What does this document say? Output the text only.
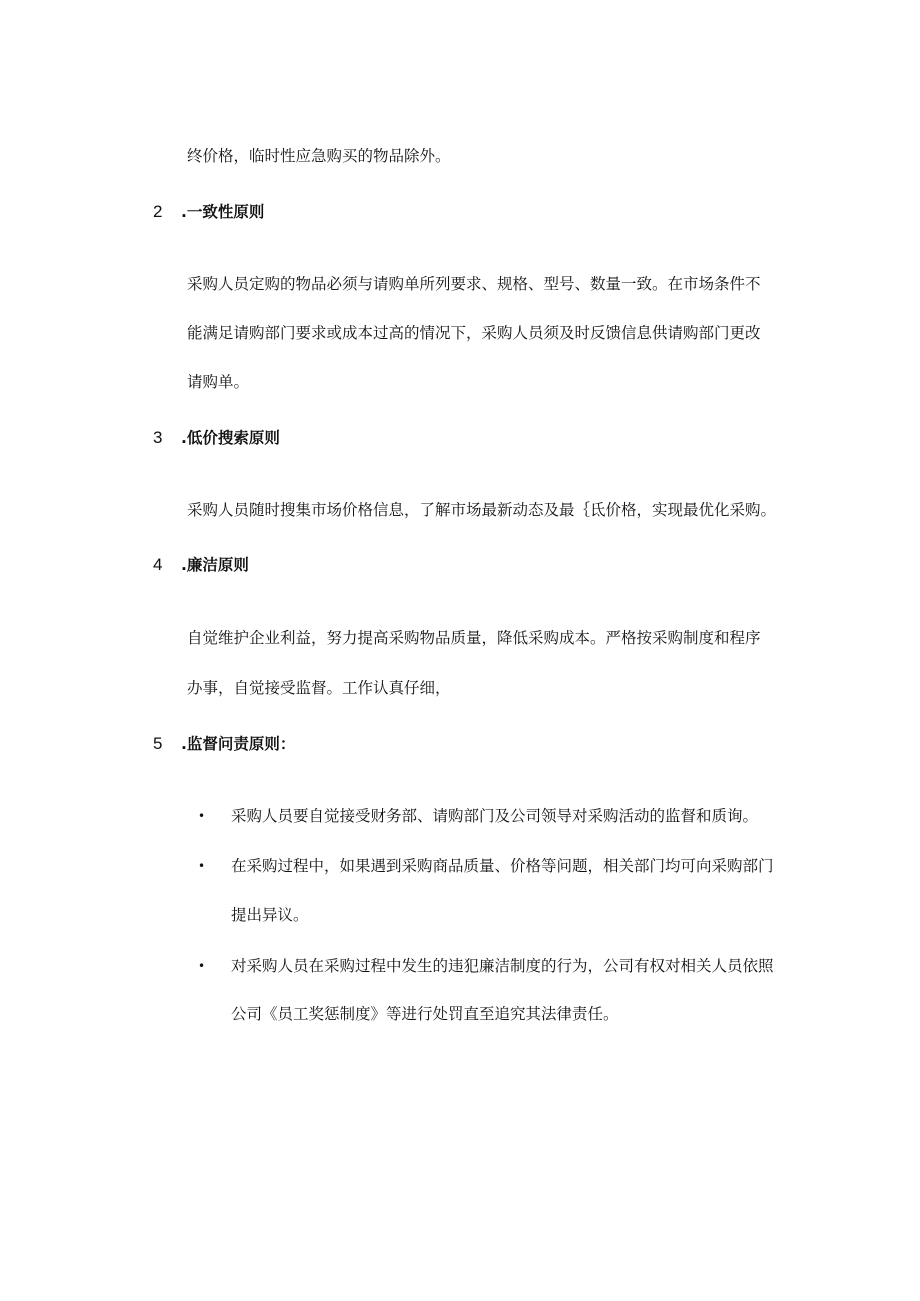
终价格，临时性应急购买的物品除外。
2 .一致性原则
采购人员定购的物品必须与请购单所列要求、规格、型号、数量一致。在市场条件不
能满足请购部门要求或成本过高的情况下，采购人员须及时反馈信息供请购部门更改
请购单。
3 .低价搜索原则
采购人员随时搜集市场价格信息，了解市场最新动态及最｛氐价格，实现最优化采购。
4 .廉洁原则
自觉维护企业利益，努力提高采购物品质量，降低采购成本。严格按采购制度和程序
办事，自觉接受监督。工作认真仔细，
5 .监督问责原则：
• 采购人员要自觉接受财务部、请购部门及公司领导对采购活动的监督和质询。
• 在采购过程中，如果遇到采购商品质量、价格等问题，相关部门均可向采购部门
提出异议。
• 对采购人员在采购过程中发生的违犯廉洁制度的行为，公司有权对相关人员依照
公司《员工奖惩制度》等进行处罚直至追究其法律责任。
